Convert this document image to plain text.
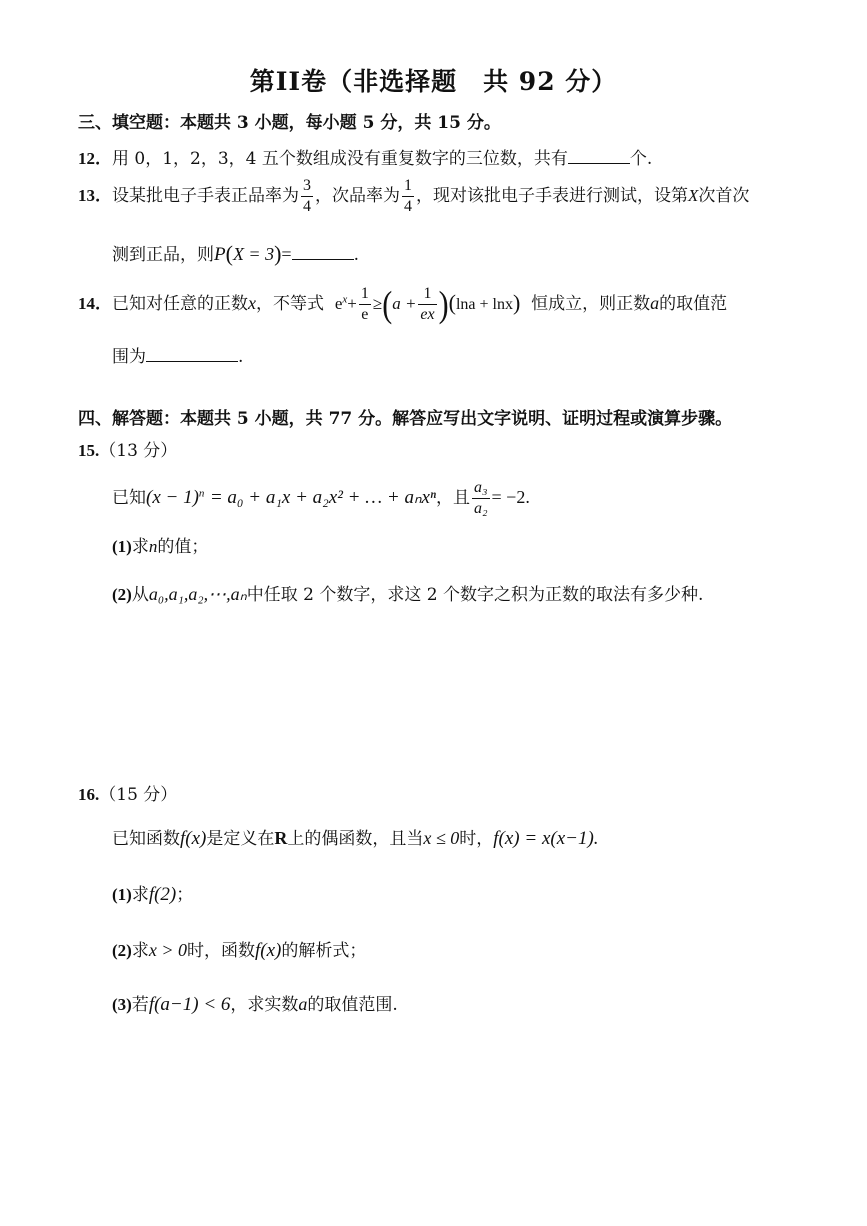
第II卷（非选择题　共 92 分）
三、填空题：本题共 3 小题，每小题 5 分，共 15 分。
12．用 0，1，2，3，4 五个数组成没有重复数字的三位数，共有	个.
13．设某批电子手表正品率为 $\frac{3}{4}$ ，次品率为 $\frac{1}{4}$ ，现对该批电子手表进行测试，设第X次首次
测到正品，则P(X = 3)=	.
14．已知对任意的正数x，不等式 $e^x+ \frac{1}{e} \ge(a + \frac{1}{ex} )(\ln a + \ln x)$ 恒成立，则正数a的取值范
围为	.
四、解答题：本题共 5 小题，共 77 分。解答应写出文字说明、证明过程或演算步骤。
15.（13 分）
已知$(x - 1)^n = a_0 + a_1x + a_2x^2$ + … + aₙxⁿ，且 $\frac{\text{a₃}}{\text{a₂}} = -2$.
(1)求n的值；
(2)从a₀,a₁,a₂,⋯,aₙ中任取 2 个数字，求这 2 个数字之积为正数的取法有多少种.
16.（15 分）
已知函数f(x)是定义在R上的偶函数，且当x ≤ 0时，f(x) = x(x−1).
(1)求f(2)；
(2)求x > 0时，函数f(x)的解析式；
(3)若f(a−1) < 6，求实数a的取值范围.
